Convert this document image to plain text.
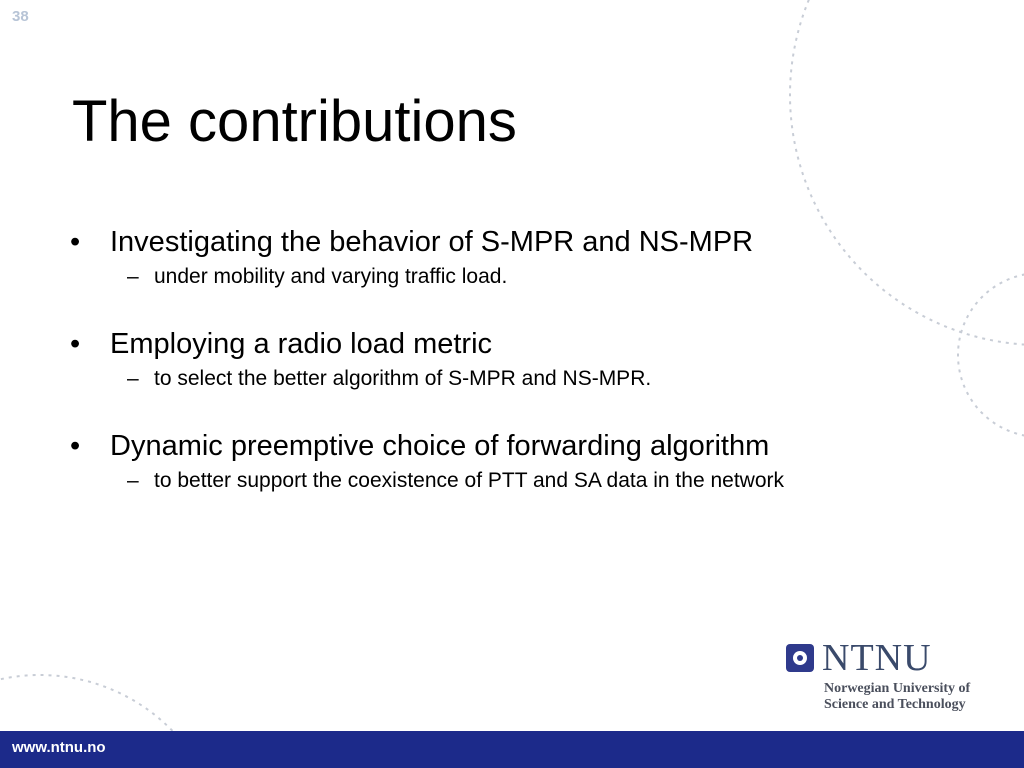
38
The contributions
• Investigating the behavior of S-MPR and NS-MPR
– under mobility and varying traffic load.
• Employing a radio load metric
– to select the better algorithm of S-MPR and NS-MPR.
• Dynamic preemptive choice of forwarding algorithm
– to better support the coexistence of PTT and SA data in the network
NTNU
Norwegian University of
Science and Technology
www.ntnu.no
